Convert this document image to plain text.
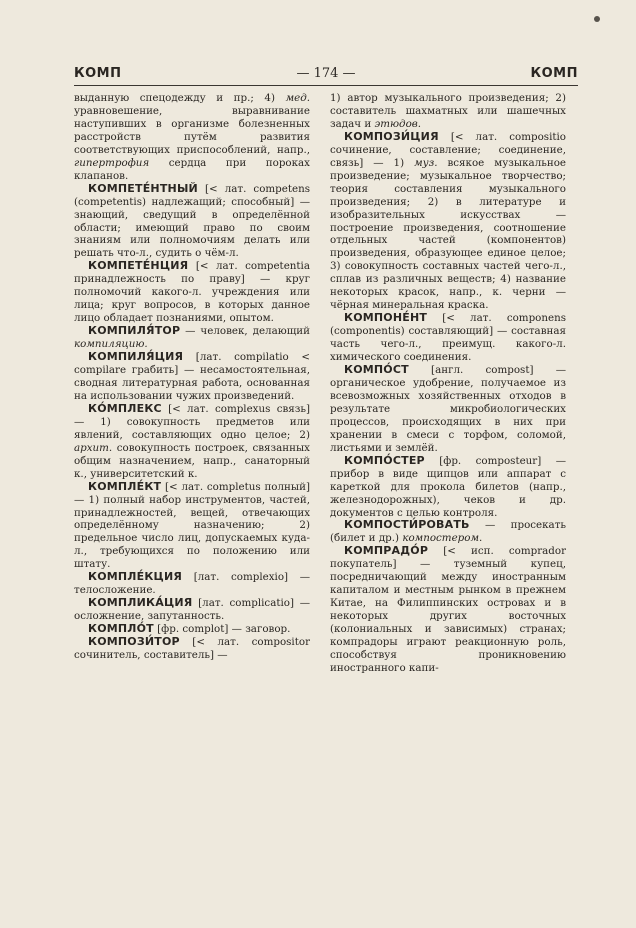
КОМП	— 174 —	КОМП

выданную спецодежду и пр.; 4) мед. уравновешение, выравнивание наступивших в организме болезненных расстройств путём развития соответствующих приспособлений, напр., гипертрофия сердца при пороках клапанов.

КОМПЕТЕ́НТНЫЙ [< лат. competens (competentis) надлежащий; способный] — знающий, сведущий в определённой области; имеющий право по своим знаниям или полномочиям делать или решать что-л., судить о чём-л.

КОМПЕТЕ́НЦИЯ [< лат. competentia принадлежность по праву] — круг полномочий какого-л. учреждения или лица; круг вопросов, в которых данное лицо обладает познаниями, опытом.

КОМПИЛЯ́ТОР — человек, делающий компиляцию.

КОМПИЛЯ́ЦИЯ [лат. compilatio < compilare грабить] — несамостоятельная, сводная литературная работа, основанная на использовании чужих произведений.

КО́МПЛЕКС [< лат. complexus связь] — 1) совокупность предметов или явлений, составляющих одно целое; 2) архит. совокупность построек, связанных общим назначением, напр., санаторный к., университетский к.

КОМПЛЕ́КТ [< лат. completus полный] — 1) полный набор инструментов, частей, принадлежностей, вещей, отвечающих определённому назначению; 2) предельное число лиц, допускаемых куда-л., требующихся по положению или штату.

КОМПЛЕ́КЦИЯ [лат. complexio] — телосложение.

КОМПЛИКА́ЦИЯ [лат. complicatio] — осложнение, запутанность.

КОМПЛО́Т [фр. complot] — заговор.

КОМПОЗИ́ТОР [< лат. compositor сочинитель, составитель] —

1) автор музыкального произведения; 2) составитель шахматных или шашечных задач и этюдов.

КОМПОЗИ́ЦИЯ [< лат. compositio сочинение, составление; соединение, связь] — 1) муз. всякое музыкальное произведение; музыкальное творчество; теория составления музыкального произведения; 2) в литературе и изобразительных искусствах — построение произведения, соотношение отдельных частей (компонентов) произведения, образующее единое целое; 3) совокупность составных частей чего-л., сплав из различных веществ; 4) название некоторых красок, напр., к. черни — чёрная минеральная краска.

КОМПОНЕ́НТ [< лат. componens (componentis) составляющий] — составная часть чего-л., преимущ. какого-л. химического соединения.

КОМПО́СТ [англ. compost] — органическое удобрение, получаемое из всевозможных хозяйственных отходов в результате микробиологических процессов, происходящих в них при хранении в смеси с торфом, соломой, листьями и землёй.

КОМПО́СТЕР [фр. composteur] — прибор в виде щипцов или аппарат с кареткой для прокола билетов (напр., железнодорожных), чеков и др. документов с целью контроля.

КОМПОСТИ́РОВАТЬ — просекать (билет и др.) компостером.

КОМПРАДО́Р [< исп. comprador покупатель] — туземный купец, посредничающий между иностранным капиталом и местным рынком в прежнем Китае, на Филиппинских островах и в некоторых других восточных (колониальных и зависимых) странах; компрадоры играют реакционную роль, способствуя проникновению иностранного капи-
